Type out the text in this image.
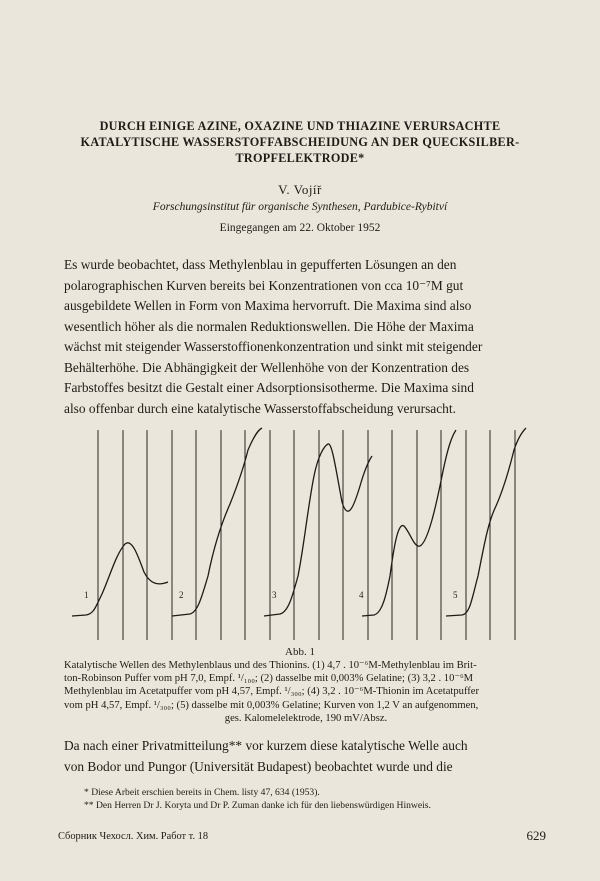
DURCH EINIGE AZINE, OXAZINE UND THIAZINE VERURSACHTE
KATALYTISCHE WASSERSTOFFABSCHEIDUNG AN DER QUECKSILBER-
TROPFELEKTRODE*
V. Vojíř
Forschungsinstitut für organische Synthesen, Pardubice-Rybitví
Eingegangen am 22. Oktober 1952
Es wurde beobachtet, dass Methylenblau in gepufferten Lösungen an den
polarographischen Kurven bereits bei Konzentrationen von cca 10⁻⁷M gut
ausgebildete Wellen in Form von Maxima hervorruft. Die Maxima sind also
wesentlich höher als die normalen Reduktionswellen. Die Höhe der Maxima
wächst mit steigender Wasserstoffionenkonzentration und sinkt mit steigender
Behälterhöhe. Die Abhängigkeit der Wellenhöhe von der Konzentration des
Farbstoffes besitzt die Gestalt einer Adsorptionsisotherme. Die Maxima sind
also offenbar durch eine katalytische Wasserstoffabscheidung verursacht.
1	2	3	4	5
Abb. 1
Katalytische Wellen des Methylenblaus und des Thionins. (1) 4,7 . 10⁻⁶M-Methylenblau im Brit-
ton-Robinson Puffer vom pH 7,0, Empf. ¹/₁₀₀; (2) dasselbe mit 0,003% Gelatine; (3) 3,2 . 10⁻⁶M
Methylenblau im Acetatpuffer vom pH 4,57, Empf. ¹/₃₀₀; (4) 3,2 . 10⁻⁶M-Thionin im Acetatpuffer
vom pH 4,57, Empf. ¹/₃₀₀; (5) dasselbe mit 0,003% Gelatine; Kurven von 1,2 V an aufgenommen,
ges. Kalomelelektrode, 190 mV/Absz.
Da nach einer Privatmitteilung** vor kurzem diese katalytische Welle auch
von Bodor und Pungor (Universität Budapest) beobachtet wurde und die
* Diese Arbeit erschien bereits in Chem. listy 47, 634 (1953).
** Den Herren Dr J. Koryta und Dr P. Zuman danke ich für den liebenswürdigen Hinweis.
Сборник Чехосл. Хим. Работ т. 18	629
